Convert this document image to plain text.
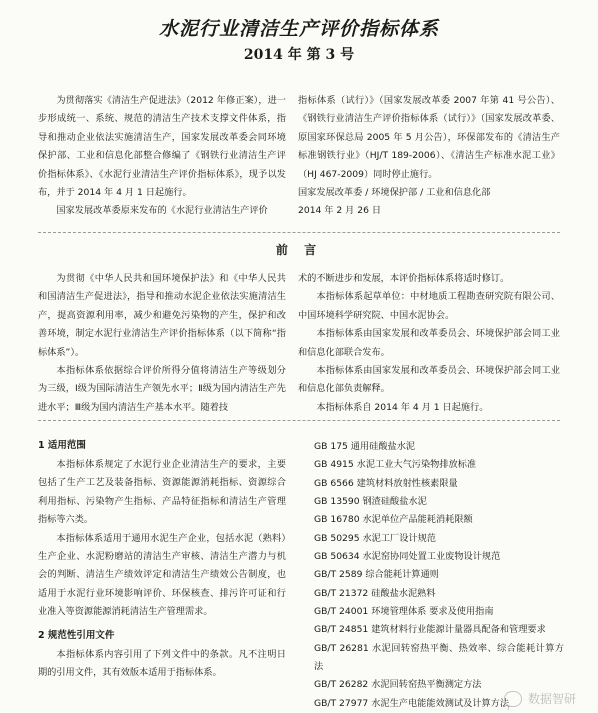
水泥行业清洁生产评价指标体系
2014 年 第 3 号

为贯彻落实《清洁生产促进法》（2012 年修正案），进一步形成统一、系统、规范的清洁生产技术支撑文件体系，指导和推动企业依法实施清洁生产，国家发展改革委会同环境保护部、工业和信息化部整合修编了《钢铁行业清洁生产评价指标体系》、《水泥行业清洁生产评价指标体系》，现予以发布，并于 2014 年 4 月 1 日起施行。

国家发展改革委原来发布的《水泥行业清洁生产评价

指标体系（试行）》（国家发展改革委 2007 年第 41 号公告）、《钢铁行业清洁生产评价指标体系（试行）》（国家发展改革委、原国家环保总局 2005 年 5 月公告），环保部发布的《清洁生产标准钢铁行业》（HJ/T 189-2006）、《清洁生产标准水泥工业》（HJ 467-2009）同时停止施行。

国家发展改革委 / 环境保护部 / 工业和信息化部

2014 年 2 月 26 日

前 言

为贯彻《中华人民共和国环境保护法》和《中华人民共和国清洁生产促进法》，指导和推动水泥企业依法实施清洁生产，提高资源利用率，减少和避免污染物的产生，保护和改善环境，制定水泥行业清洁生产评价指标体系（以下简称“指标体系”）。

本指标体系依据综合评价所得分值将清洁生产等级划分为三级，Ⅰ级为国际清洁生产领先水平；Ⅱ级为国内清洁生产先进水平；Ⅲ级为国内清洁生产基本水平。随着技

术的不断进步和发展，本评价指标体系将适时修订。

本指标体系起草单位：中材地质工程勘查研究院有限公司、中国环境科学研究院、中国水泥协会。

本指标体系由国家发展和改革委员会、环境保护部会同工业和信息化部联合发布。

本指标体系由国家发展和改革委员会、环境保护部会同工业和信息化部负责解释。

本指标体系自 2014 年 4 月 1 日起施行。

1 适用范围

本指标体系规定了水泥行业企业清洁生产的要求，主要包括了生产工艺及装备指标、资源能源消耗指标、资源综合利用指标、污染物产生指标、产品特征指标和清洁生产管理指标等六类。

本指标体系适用于通用水泥生产企业，包括水泥（熟料）生产企业、水泥粉磨站的清洁生产审核、清洁生产潜力与机会的判断、清洁生产绩效评定和清洁生产绩效公告制度，也适用于水泥行业环境影响评价、环保核查、排污许可证和行业准入等资源能源消耗清洁生产管理需求。

2 规范性引用文件

本指标体系内容引用了下列文件中的条款。凡不注明日期的引用文件，其有效版本适用于指标体系。

GB 175 通用硅酸盐水泥

GB 4915 水泥工业大气污染物排放标准

GB 6566 建筑材料放射性核素限量

GB 13590 钢渣硅酸盐水泥

GB 16780 水泥单位产品能耗消耗限额

GB 50295 水泥工厂设计规范

GB 50634 水泥窑协同处置工业废物设计规范

GB/T 2589 综合能耗计算通则

GB/T 21372 硅酸盐水泥熟料

GB/T 24001 环境管理体系 要求及使用指南

GB/T 24851 建筑材料行业能源计量器具配备和管理要求

GB/T 26281 水泥回转窑热平衡、热效率、综合能耗计算方法

GB/T 26282 水泥回转窑热平衡测定方法

GB/T 27977 水泥生产电能能效测试及计算方法	数据智研
